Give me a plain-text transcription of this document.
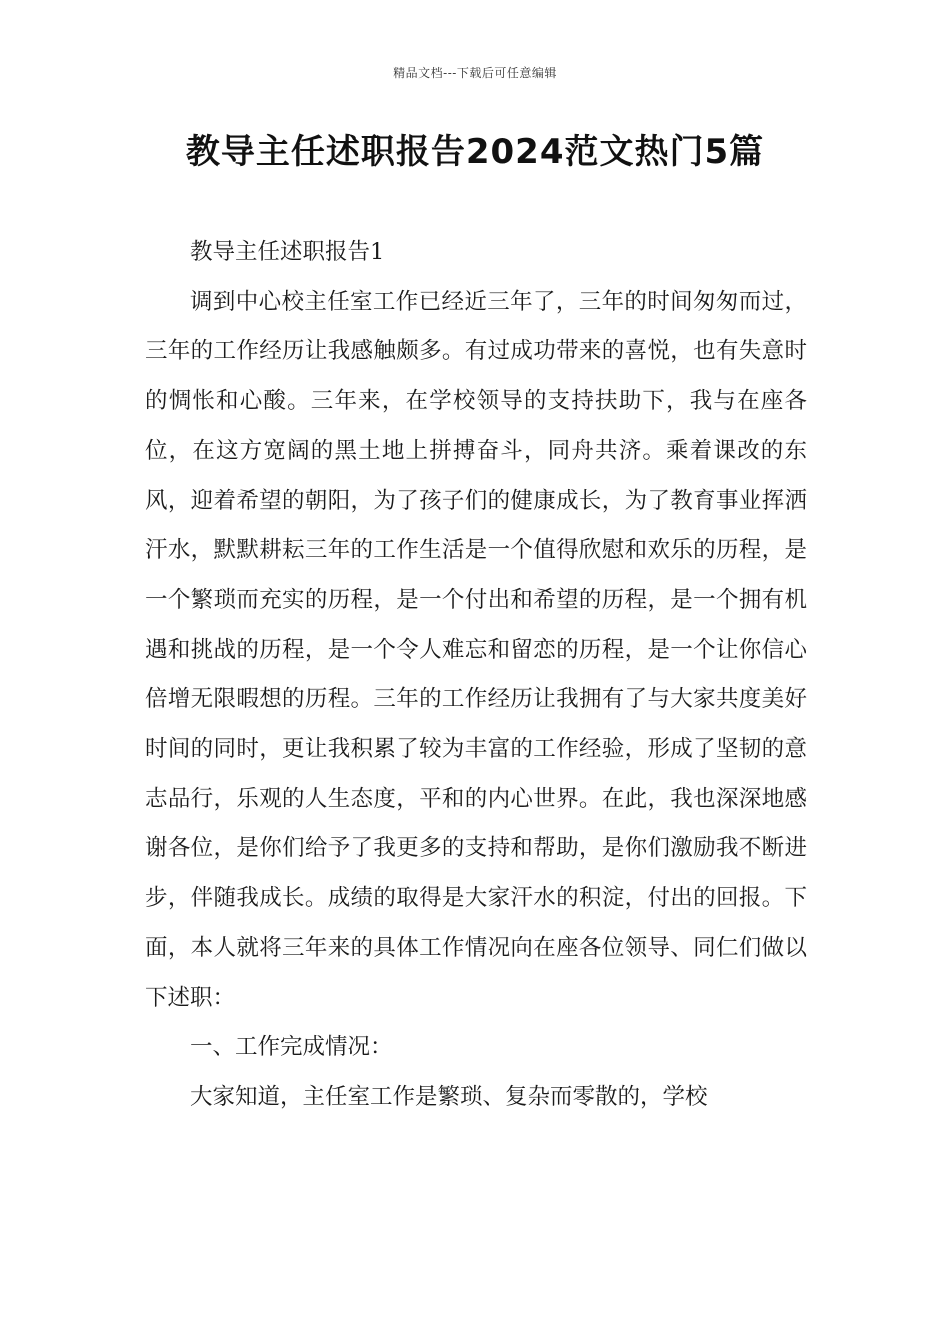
精品文档---下载后可任意编辑
教导主任述职报告2024范文热门5篇

教导主任述职报告1

调到中心校主任室工作已经近三年了，三年的时间匆匆而过，三年的工作经历让我感触颇多。有过成功带来的喜悦，也有失意时的惆怅和心酸。三年来，在学校领导的支持扶助下，我与在座各位，在这方宽阔的黑土地上拼搏奋斗，同舟共济。乘着课改的东风，迎着希望的朝阳，为了孩子们的健康成长，为了教育事业挥洒汗水，默默耕耘三年的工作生活是一个值得欣慰和欢乐的历程，是一个繁琐而充实的历程，是一个付出和希望的历程，是一个拥有机遇和挑战的历程，是一个令人难忘和留恋的历程，是一个让你信心倍增无限暇想的历程。三年的工作经历让我拥有了与大家共度美好时间的同时，更让我积累了较为丰富的工作经验，形成了坚韧的意志品行，乐观的人生态度，平和的内心世界。在此，我也深深地感谢各位，是你们给予了我更多的支持和帮助，是你们激励我不断进步，伴随我成长。成绩的取得是大家汗水的积淀，付出的回报。下面，本人就将三年来的具体工作情况向在座各位领导、同仁们做以下述职：

一、工作完成情况：

大家知道，主任室工作是繁琐、复杂而零散的，学校
